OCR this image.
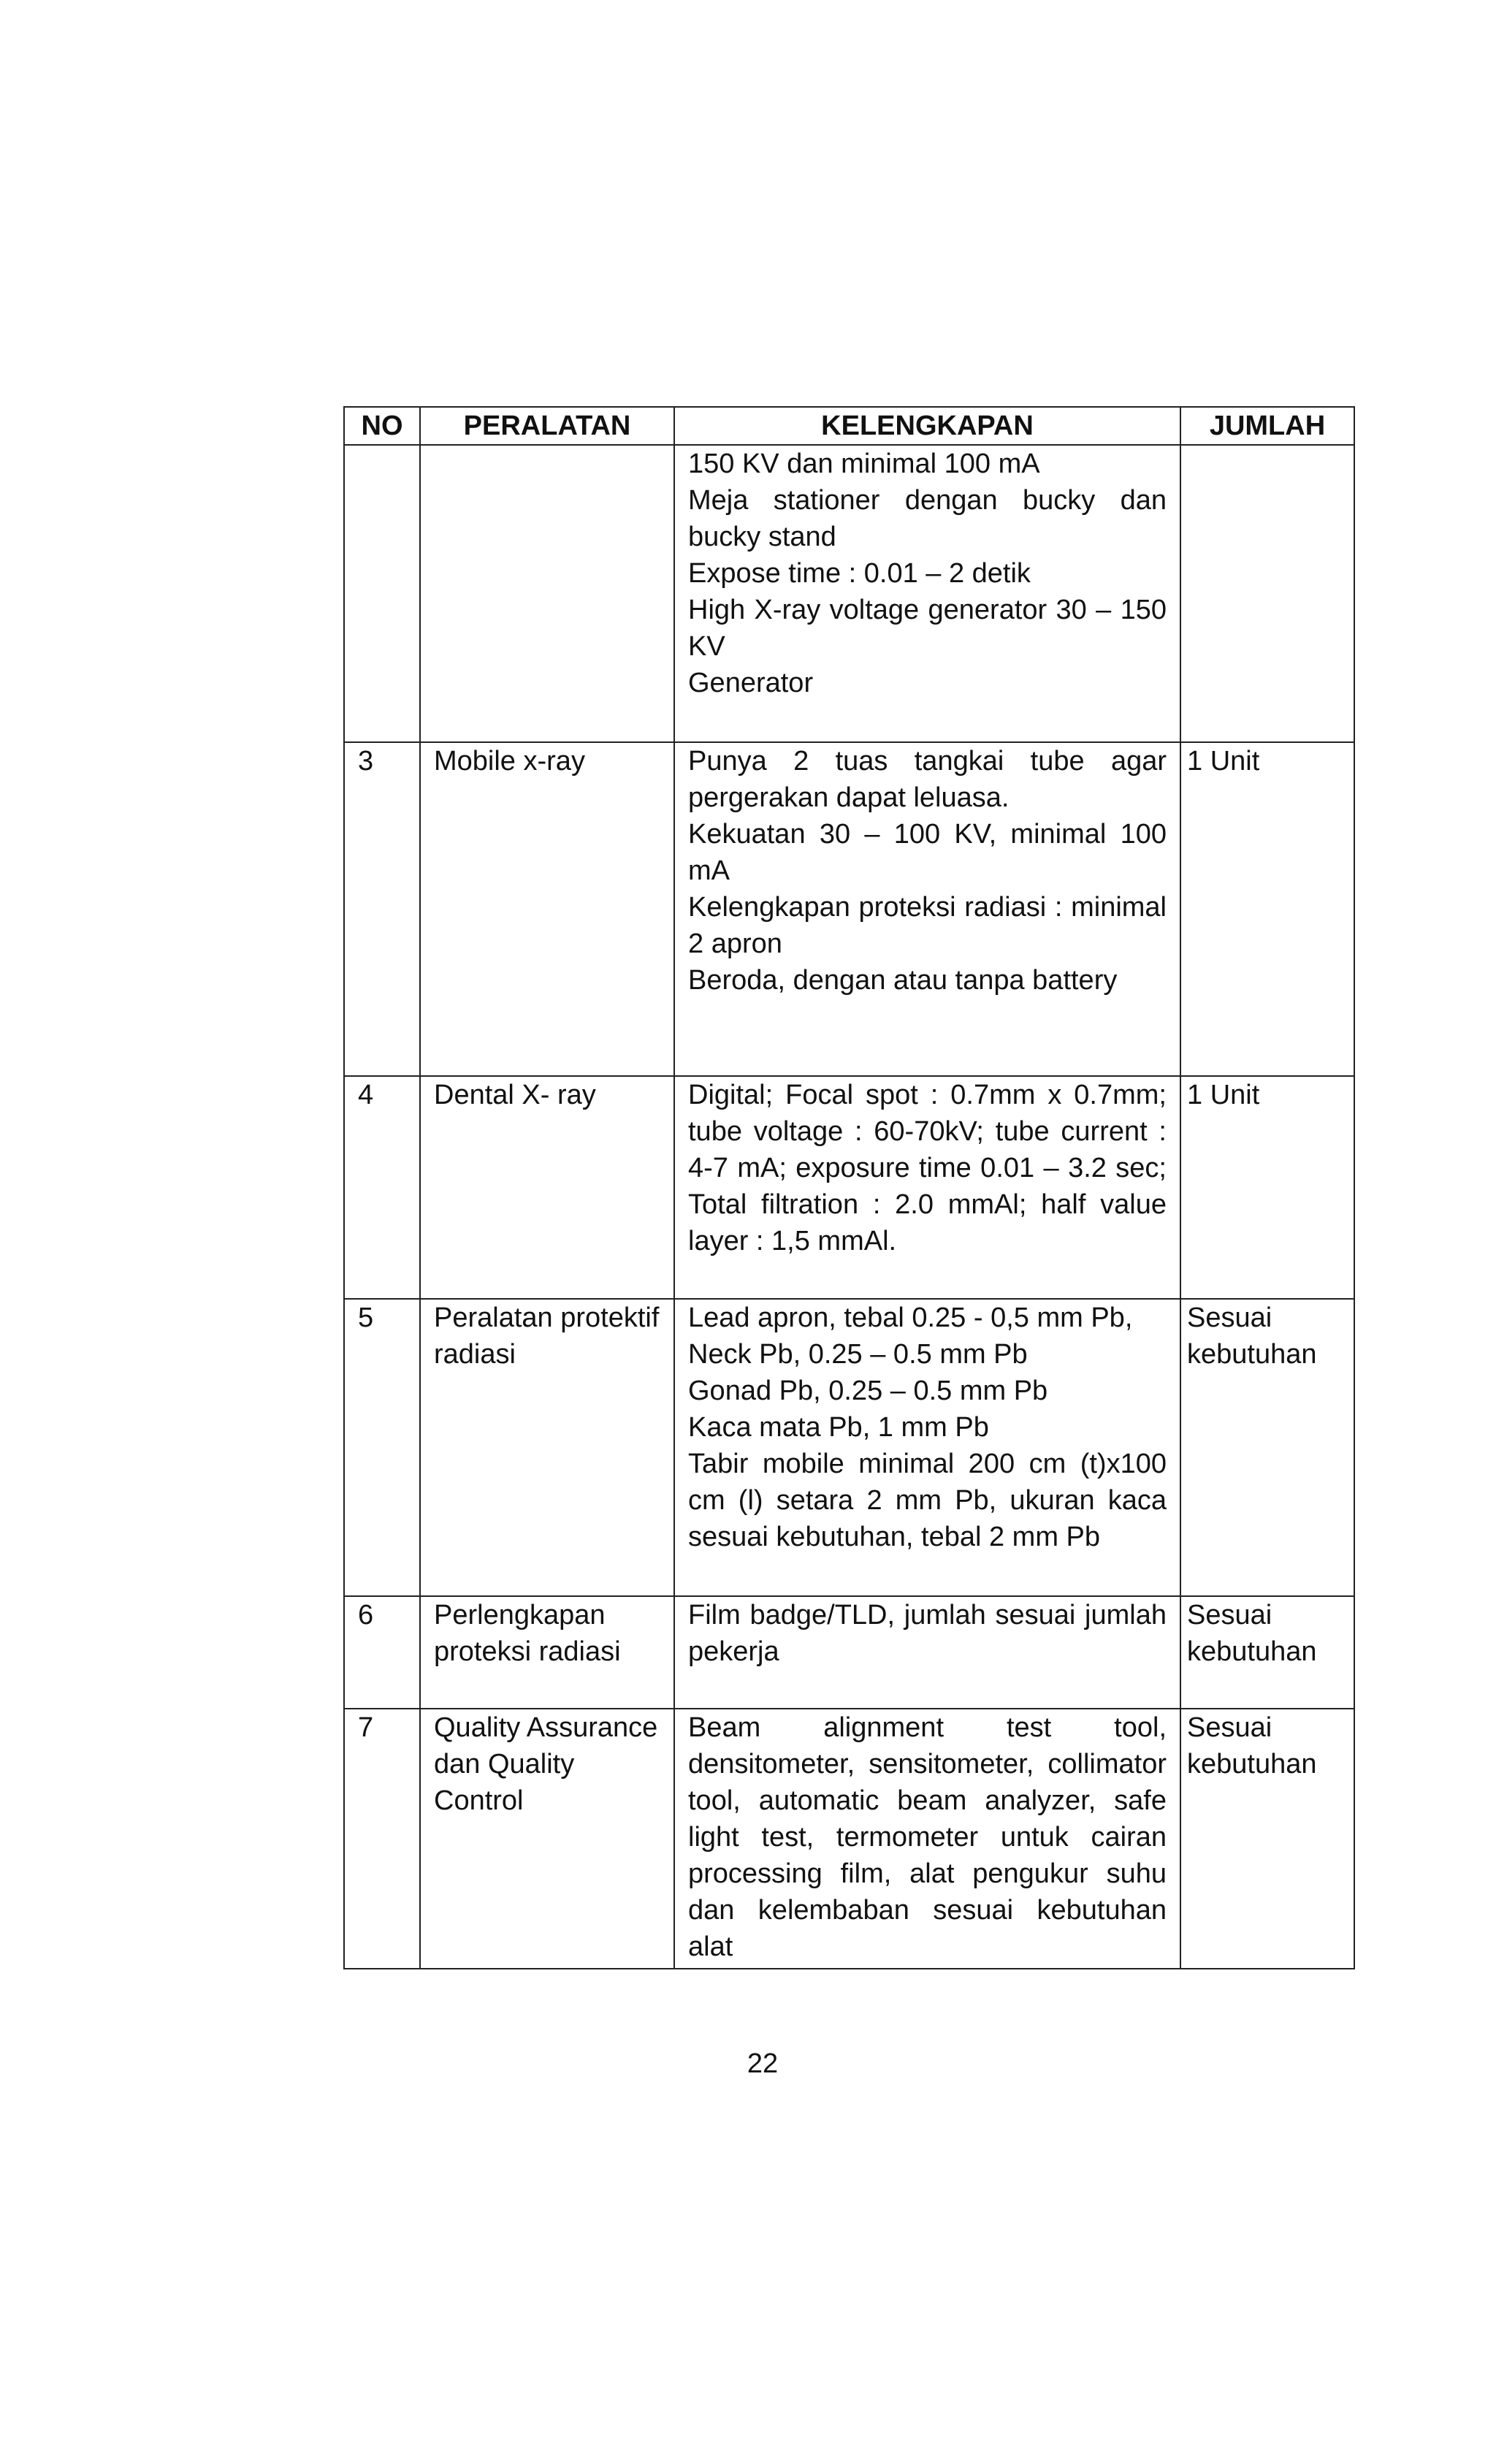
NO	PERALATAN	KELENGKAPAN	JUMLAH

		150 KV dan minimal 100 mA
Meja stationer dengan bucky dan bucky stand
Expose time : 0.01 – 2 detik
High X-ray voltage generator 30 – 150 KV
Generator	

3	Mobile x-ray	Punya 2 tuas tangkai tube agar pergerakan dapat leluasa.
Kekuatan 30 – 100 KV, minimal 100 mA
Kelengkapan proteksi radiasi : minimal 2 apron
Beroda, dengan atau tanpa battery	1 Unit
4	Dental X- ray	Digital; Focal spot : 0.7mm x 0.7mm; tube voltage : 60-70kV; tube current : 4-7 mA; exposure time 0.01 – 3.2 sec; Total filtration : 2.0 mmAl; half value layer : 1,5 mmAl.	1 Unit
5	Peralatan protektif radiasi	Lead apron, tebal 0.25 - 0,5 mm Pb,
Neck Pb, 0.25 – 0.5 mm Pb
Gonad Pb, 0.25 – 0.5 mm Pb
Kaca mata Pb, 1 mm Pb
Tabir mobile minimal 200 cm (t)x100 cm (l) setara 2 mm Pb, ukuran kaca sesuai kebutuhan, tebal 2 mm Pb	Sesuai kebutuhan
6	Perlengkapan proteksi radiasi	Film badge/TLD, jumlah sesuai jumlah pekerja	Sesuai kebutuhan
7	Quality Assurance dan Quality Control	Beam alignment test tool, densitometer, sensitometer, collimator tool, automatic beam analyzer, safe light test, termometer untuk cairan processing film, alat pengukur suhu dan kelembaban sesuai kebutuhan alat	Sesuai kebutuhan
22
